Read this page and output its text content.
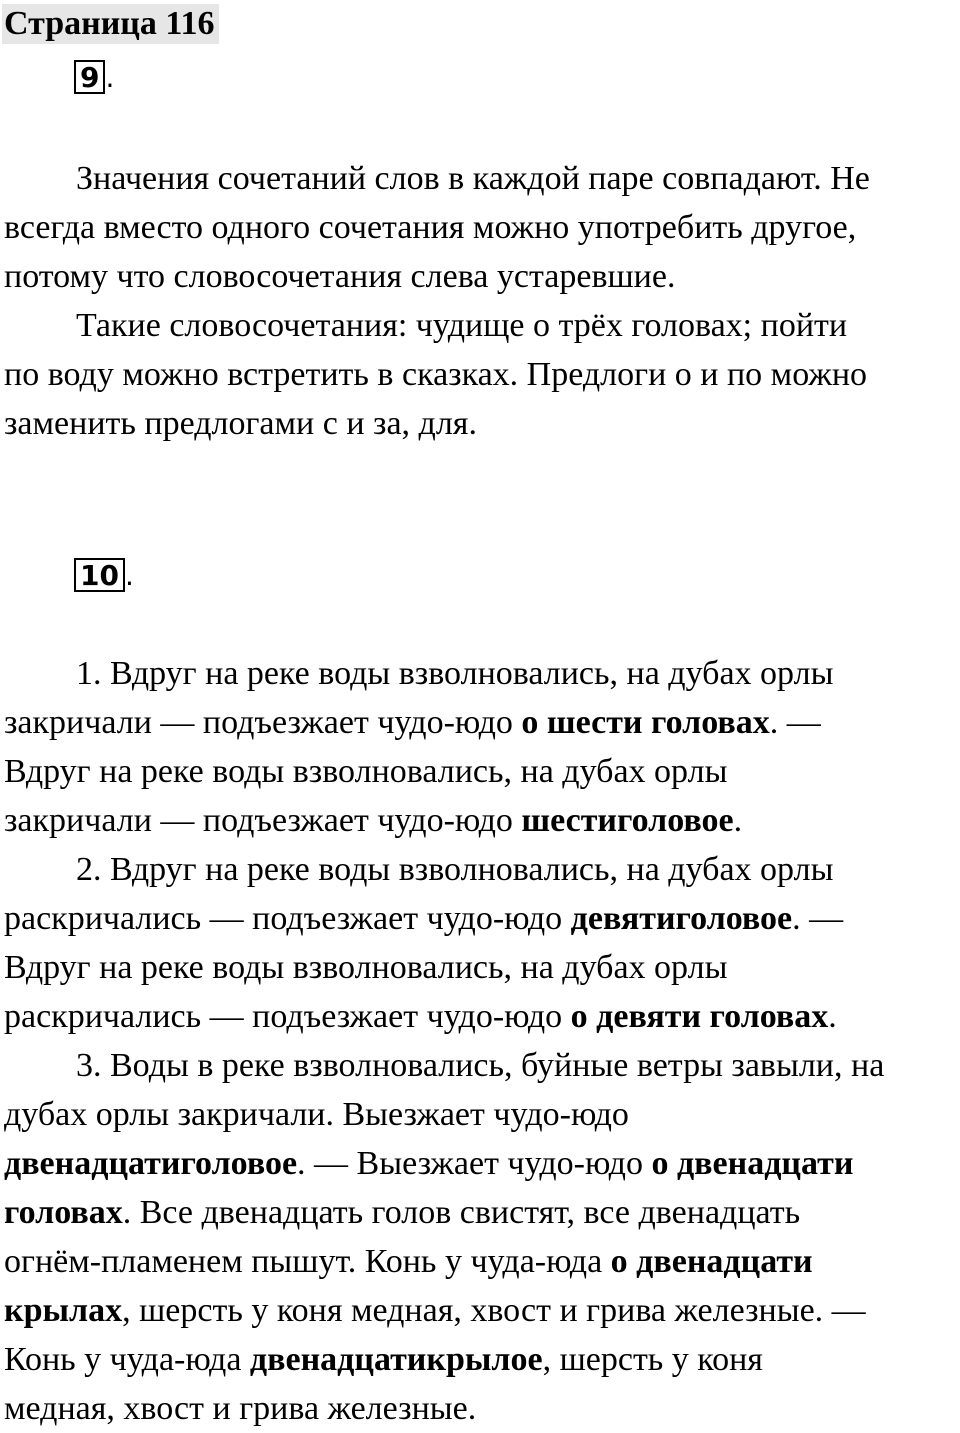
Страница 116
9 .

Значения сочетаний слов в каждой паре совпадают. Не
всегда вместо одного сочетания можно употребить другое,
потому что словосочетания слева устаревшие.

Такие словосочетания: чудище о трёх головах; пойти
по воду можно встретить в сказках. Предлоги о и по можно
заменить предлогами с и за, для.

10 .

1. Вдруг на реке воды взволновались, на дубах орлы
закричали — подъезжает чудо-юдо о шести головах. —
Вдруг на реке воды взволновались, на дубах орлы
закричали — подъезжает чудо-юдо шестиголовое.

2. Вдруг на реке воды взволновались, на дубах орлы
раскричались — подъезжает чудо-юдо девятиголовое. —
Вдруг на реке воды взволновались, на дубах орлы
раскричались — подъезжает чудо-юдо о девяти головах.

3. Воды в реке взволновались, буйные ветры завыли, на
дубах орлы закричали. Выезжает чудо-юдо
двенадцатиголовое. — Выезжает чудо-юдо о двенадцати
головах. Все двенадцать голов свистят, все двенадцать
огнём-пламенем пышут. Конь у чуда-юда о двенадцати
крылах, шерсть у коня медная, хвост и грива железные. —
Конь у чуда-юда двенадцатикрылое, шерсть у коня
медная, хвост и грива железные.
